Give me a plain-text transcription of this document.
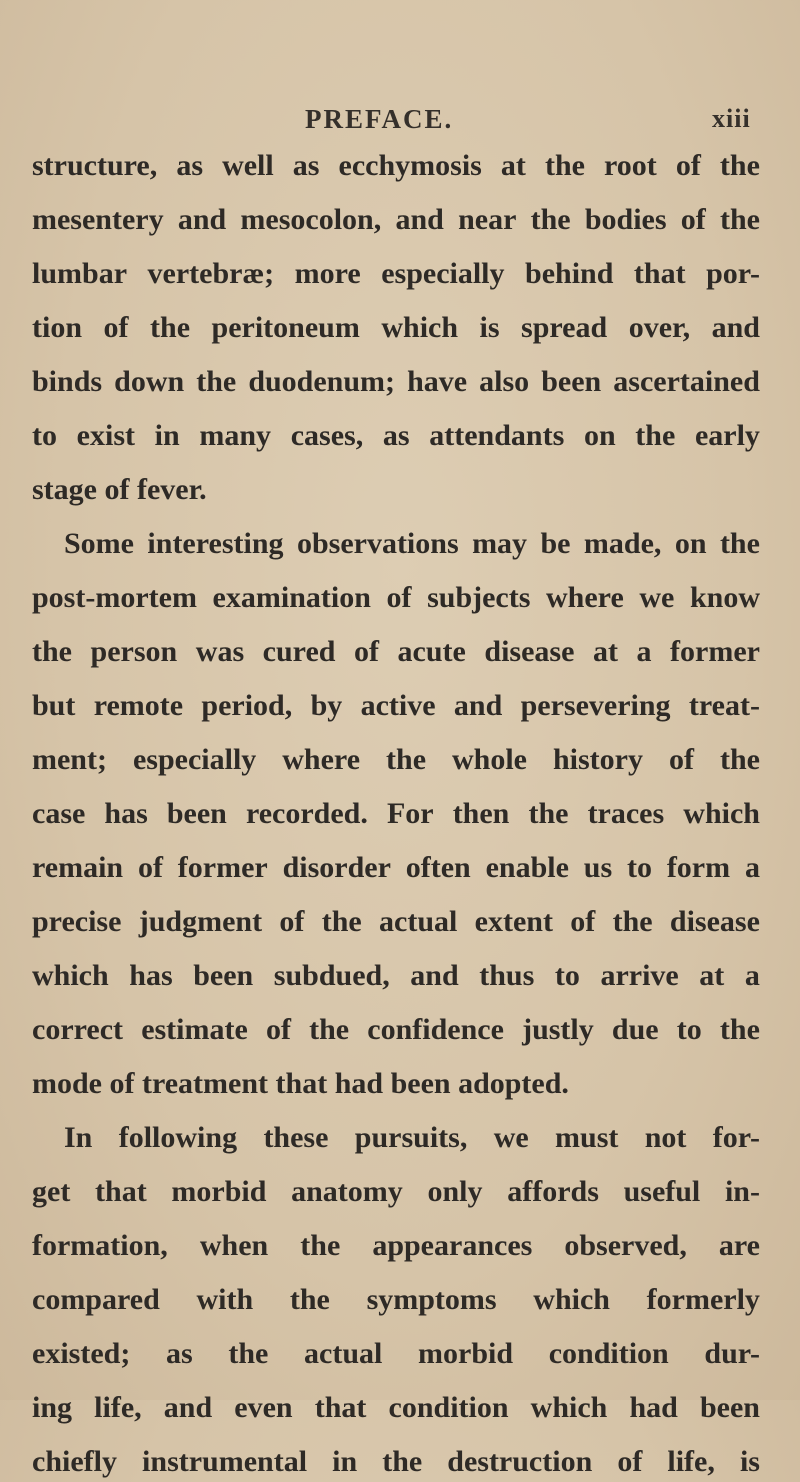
PREFACE.	xiii
structure, as well as ecchymosis at the root of the
mesentery and mesocolon, and near the bodies of the
lumbar vertebræ; more especially behind that por-
tion of the peritoneum which is spread over, and
binds down the duodenum; have also been ascertained
to exist in many cases, as attendants on the early
stage of fever.
Some interesting observations may be made, on the
post-mortem examination of subjects where we know
the person was cured of acute disease at a former
but remote period, by active and persevering treat-
ment; especially where the whole history of the
case has been recorded. For then the traces which
remain of former disorder often enable us to form a
precise judgment of the actual extent of the disease
which has been subdued, and thus to arrive at a
correct estimate of the confidence justly due to the
mode of treatment that had been adopted.
In following these pursuits, we must not for-
get that morbid anatomy only affords useful in-
formation, when the appearances observed, are
compared with the symptoms which formerly
existed; as the actual morbid condition dur-
ing life, and even that condition which had been
chiefly instrumental in the destruction of life, is
